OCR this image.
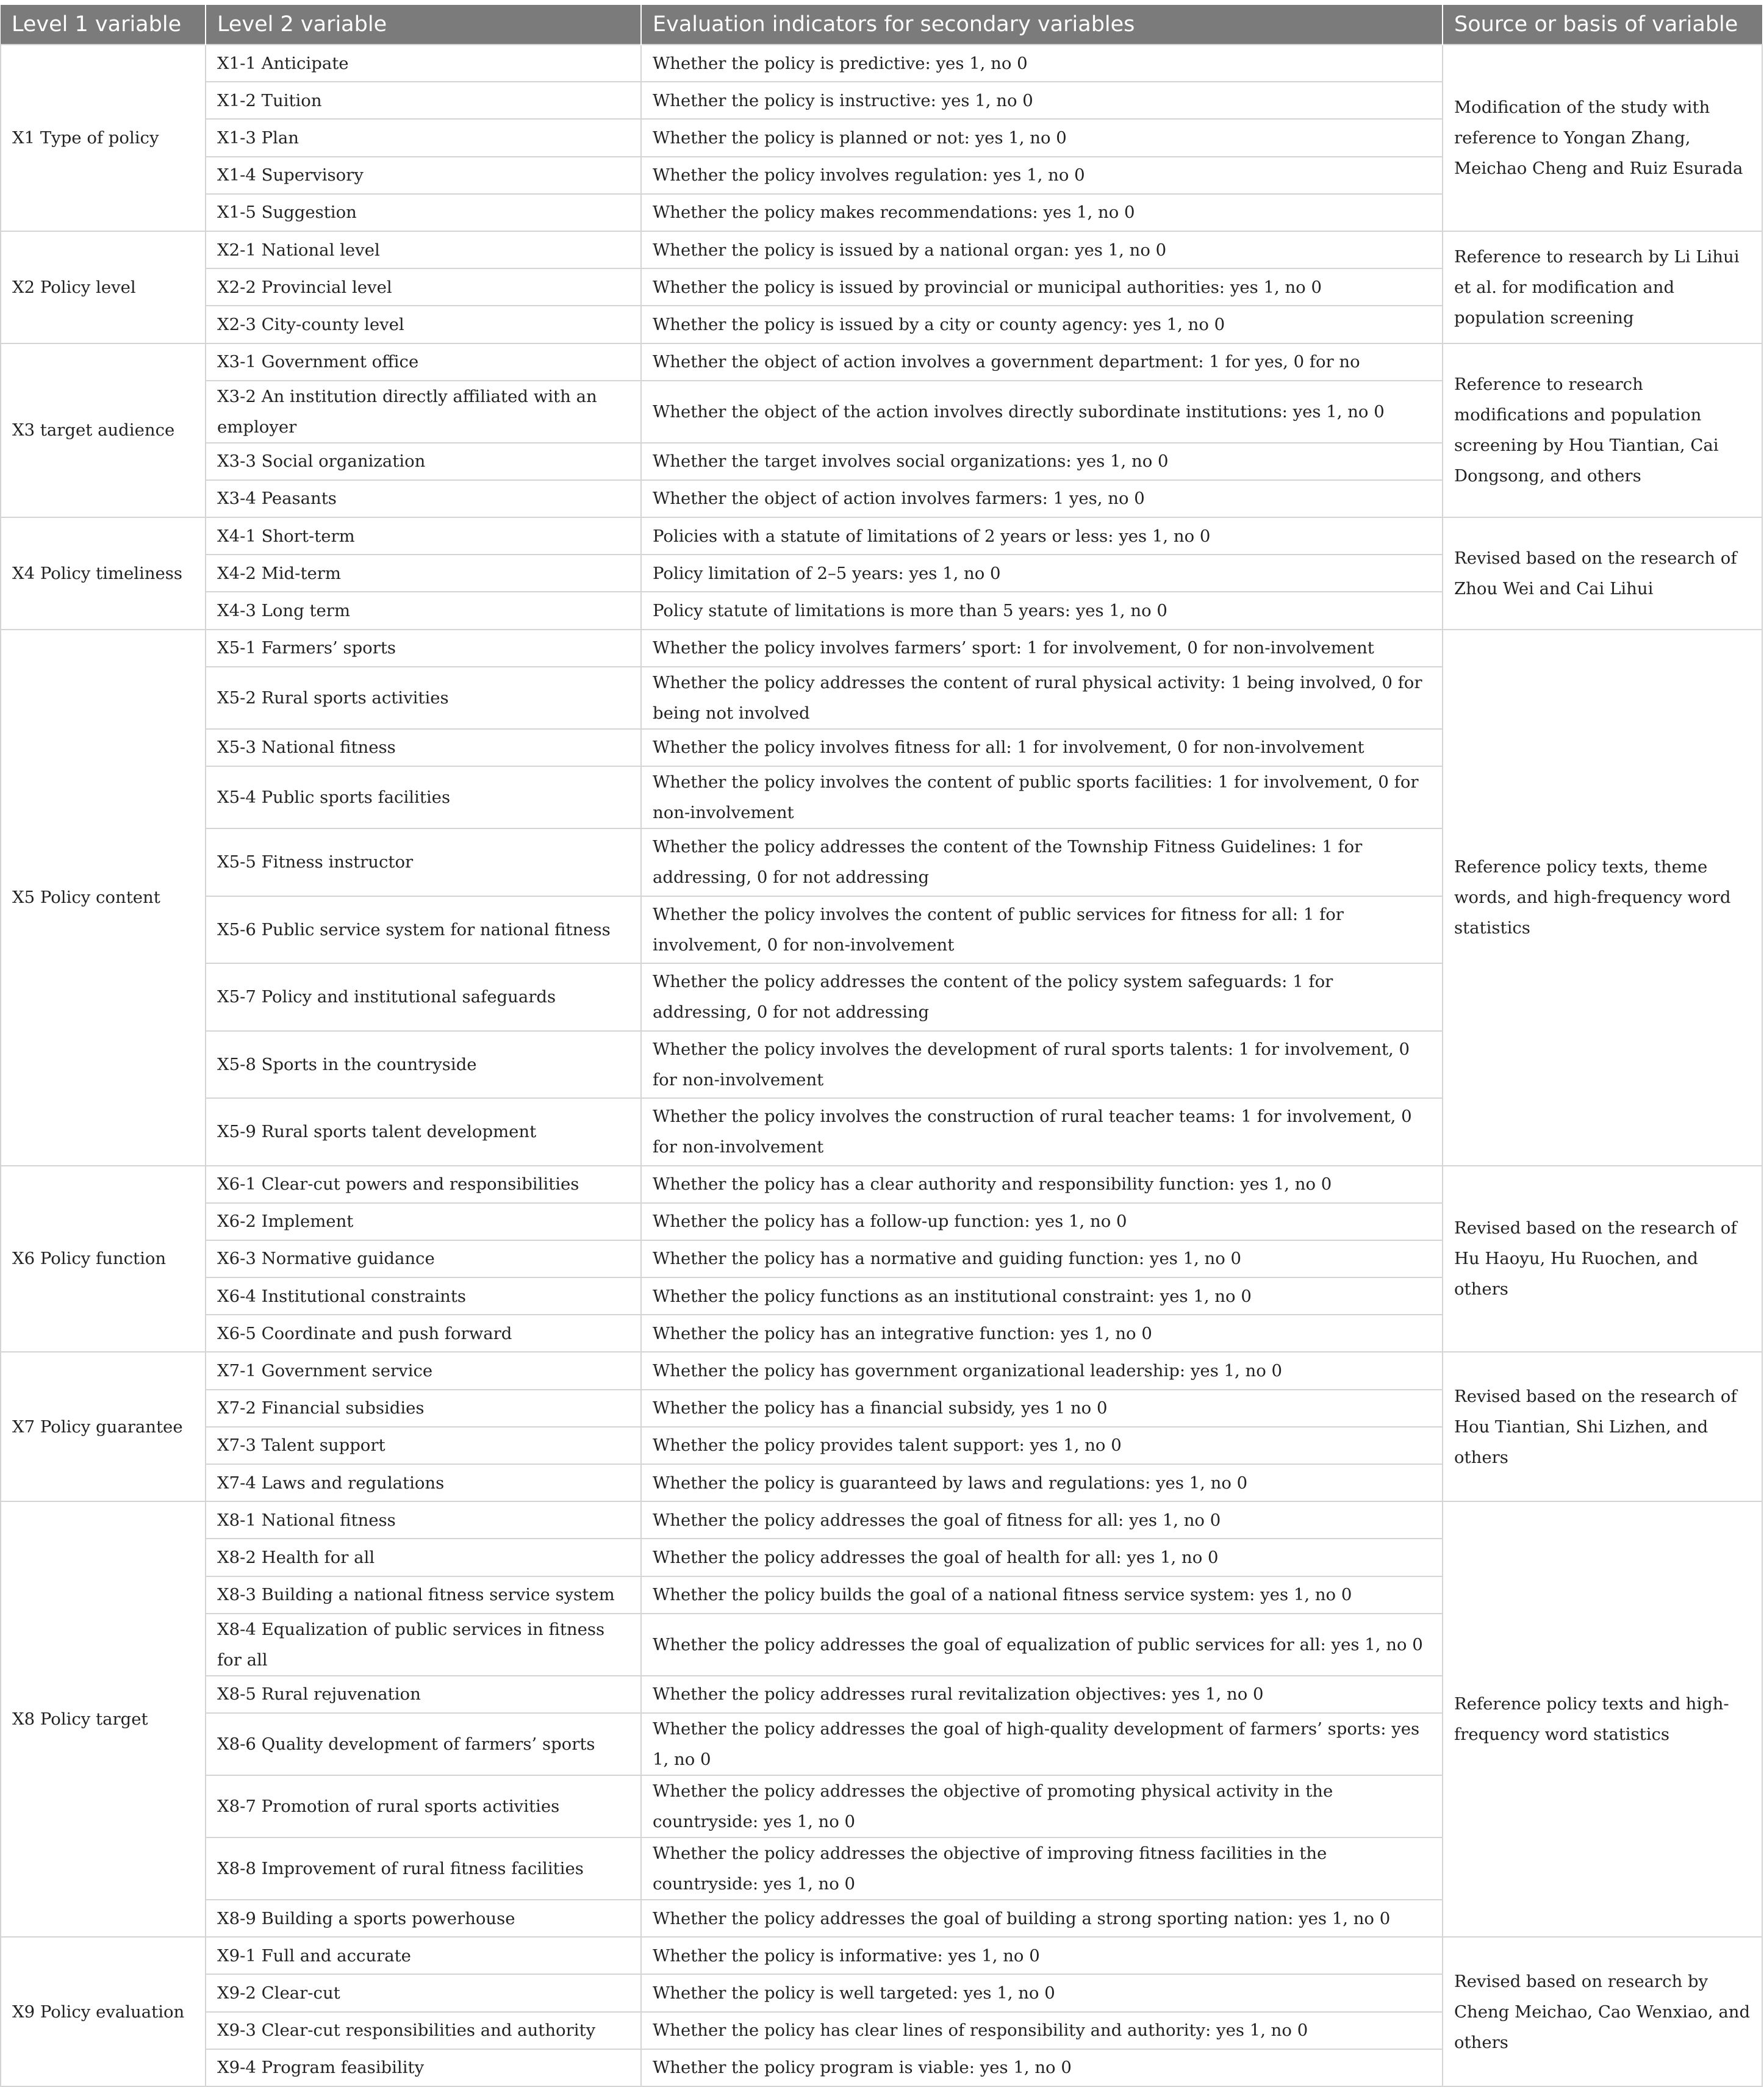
Level 1 variable	Level 2 variable	Evaluation indicators for secondary variables	Source or basis of variable
X1 Type of policy	X1-1 Anticipate	Whether the policy is predictive: yes 1, no 0	Modification of the study with reference to Yongan Zhang, Meichao Cheng and Ruiz Esurada
	X1-2 Tuition	Whether the policy is instructive: yes 1, no 0	
	X1-3 Plan	Whether the policy is planned or not: yes 1, no 0	
	X1-4 Supervisory	Whether the policy involves regulation: yes 1, no 0	
	X1-5 Suggestion	Whether the policy makes recommendations: yes 1, no 0	
X2 Policy level	X2-1 National level	Whether the policy is issued by a national organ: yes 1, no 0	Reference to research by Li Lihui et al. for modification and population screening
	X2-2 Provincial level	Whether the policy is issued by provincial or municipal authorities: yes 1, no 0	
	X2-3 City-county level	Whether the policy is issued by a city or county agency: yes 1, no 0	
X3 target audience	X3-1 Government office	Whether the object of action involves a government department: 1 for yes, 0 for no	Reference to research modifications and population screening by Hou Tiantian, Cai Dongsong, and others
	X3-2 An institution directly affiliated with an employer	Whether the object of the action involves directly subordinate institutions: yes 1, no 0	
	X3-3 Social organization	Whether the target involves social organizations: yes 1, no 0	
	X3-4 Peasants	Whether the object of action involves farmers: 1 yes, no 0	
X4 Policy timeliness	X4-1 Short-term	Policies with a statute of limitations of 2 years or less: yes 1, no 0	Revised based on the research of Zhou Wei and Cai Lihui
	X4-2 Mid-term	Policy limitation of 2–5 years: yes 1, no 0	
	X4-3 Long term	Policy statute of limitations is more than 5 years: yes 1, no 0	
X5 Policy content	X5-1 Farmers’ sports	Whether the policy involves farmers’ sport: 1 for involvement, 0 for non-involvement	Reference policy texts, theme words, and high-frequency word statistics
	X5-2 Rural sports activities	Whether the policy addresses the content of rural physical activity: 1 being involved, 0 for being not involved	
	X5-3 National fitness	Whether the policy involves fitness for all: 1 for involvement, 0 for non-involvement	
	X5-4 Public sports facilities	Whether the policy involves the content of public sports facilities: 1 for involvement, 0 for non-involvement	
	X5-5 Fitness instructor	Whether the policy addresses the content of the Township Fitness Guidelines: 1 for addressing, 0 for not addressing	
	X5-6 Public service system for national fitness	Whether the policy involves the content of public services for fitness for all: 1 for involvement, 0 for non-involvement	
	X5-7 Policy and institutional safeguards	Whether the policy addresses the content of the policy system safeguards: 1 for addressing, 0 for not addressing	
	X5-8 Sports in the countryside	Whether the policy involves the development of rural sports talents: 1 for involvement, 0 for non-involvement	
	X5-9 Rural sports talent development	Whether the policy involves the construction of rural teacher teams: 1 for involvement, 0 for non-involvement	
X6 Policy function	X6-1 Clear-cut powers and responsibilities	Whether the policy has a clear authority and responsibility function: yes 1, no 0	Revised based on the research of Hu Haoyu, Hu Ruochen, and others
	X6-2 Implement	Whether the policy has a follow-up function: yes 1, no 0	
	X6-3 Normative guidance	Whether the policy has a normative and guiding function: yes 1, no 0	
	X6-4 Institutional constraints	Whether the policy functions as an institutional constraint: yes 1, no 0	
	X6-5 Coordinate and push forward	Whether the policy has an integrative function: yes 1, no 0	
X7 Policy guarantee	X7-1 Government service	Whether the policy has government organizational leadership: yes 1, no 0	Revised based on the research of Hou Tiantian, Shi Lizhen, and others
	X7-2 Financial subsidies	Whether the policy has a financial subsidy, yes 1 no 0	
	X7-3 Talent support	Whether the policy provides talent support: yes 1, no 0	
	X7-4 Laws and regulations	Whether the policy is guaranteed by laws and regulations: yes 1, no 0	
X8 Policy target	X8-1 National fitness	Whether the policy addresses the goal of fitness for all: yes 1, no 0	Reference policy texts and high-frequency word statistics
	X8-2 Health for all	Whether the policy addresses the goal of health for all: yes 1, no 0	
	X8-3 Building a national fitness service system	Whether the policy builds the goal of a national fitness service system: yes 1, no 0	
	X8-4 Equalization of public services in fitness for all	Whether the policy addresses the goal of equalization of public services for all: yes 1, no 0	
	X8-5 Rural rejuvenation	Whether the policy addresses rural revitalization objectives: yes 1, no 0	
	X8-6 Quality development of farmers’ sports	Whether the policy addresses the goal of high-quality development of farmers’ sports: yes 1, no 0	
	X8-7 Promotion of rural sports activities	Whether the policy addresses the objective of promoting physical activity in the countryside: yes 1, no 0	
	X8-8 Improvement of rural fitness facilities	Whether the policy addresses the objective of improving fitness facilities in the countryside: yes 1, no 0	
	X8-9 Building a sports powerhouse	Whether the policy addresses the goal of building a strong sporting nation: yes 1, no 0	
X9 Policy evaluation	X9-1 Full and accurate	Whether the policy is informative: yes 1, no 0	Revised based on research by Cheng Meichao, Cao Wenxiao, and others
	X9-2 Clear-cut	Whether the policy is well targeted: yes 1, no 0	
	X9-3 Clear-cut responsibilities and authority	Whether the policy has clear lines of responsibility and authority: yes 1, no 0	
	X9-4 Program feasibility	Whether the policy program is viable: yes 1, no 0	
